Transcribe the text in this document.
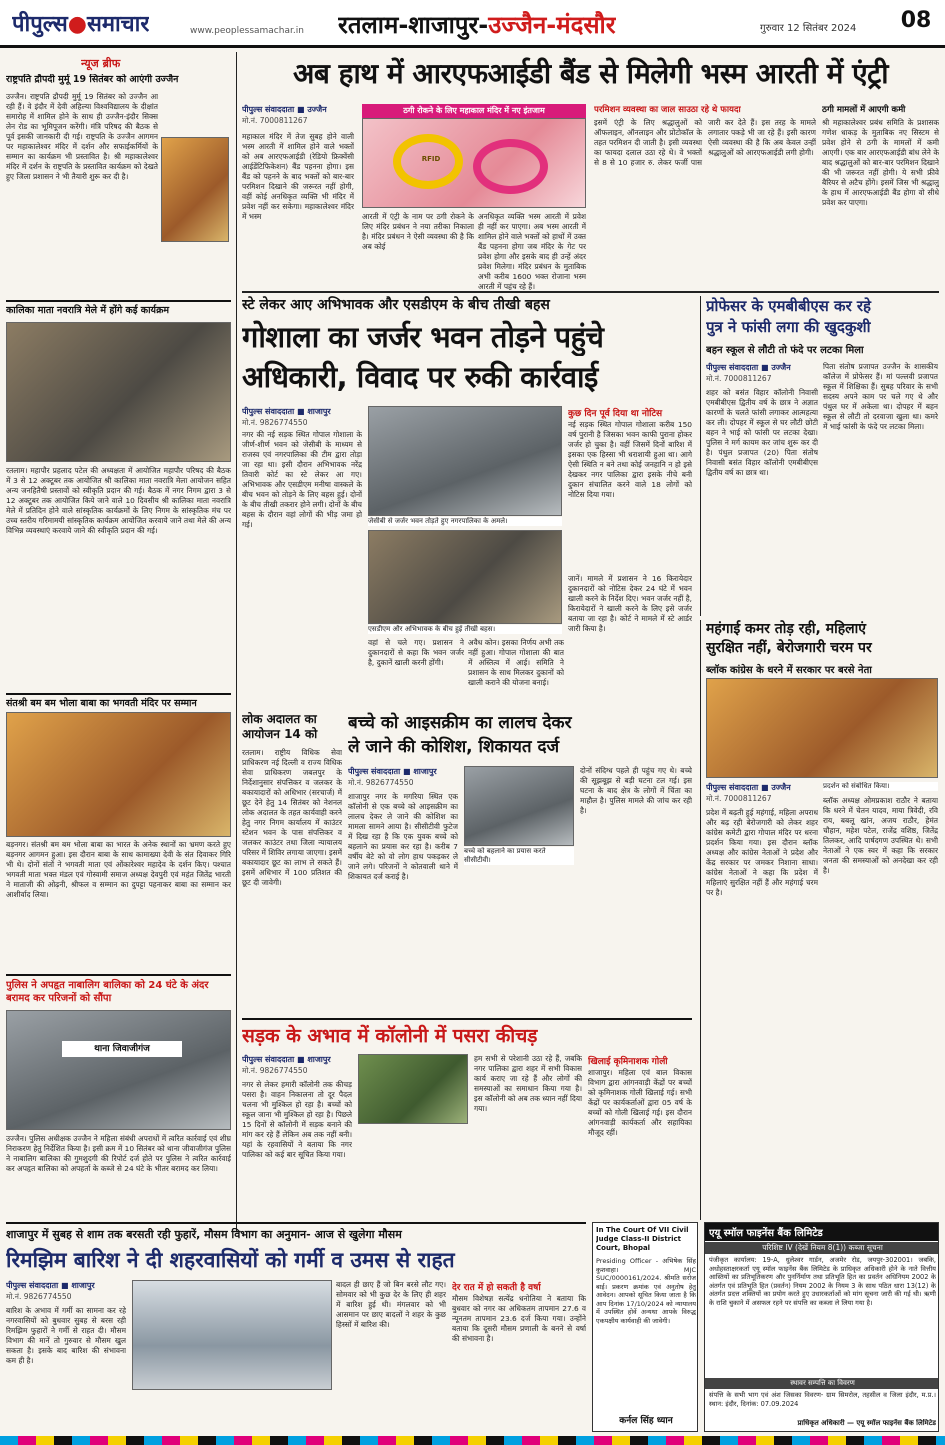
पीपुल्स●समाचार	www.peoplessamachar.in रतलाम-शाजापुर-उज्जैन-मंदसौर	गुरुवार 12 सितंबर 2024 08
न्यूज ब्रीफ
राष्ट्रपति द्रौपदी मुर्मू 19 सितंबर को आएंगी उज्जैन
उज्जैन। राष्ट्रपति द्रौपदी मुर्मू 19 सितंबर को उज्जैन आ रही हैं। वे इंदौर में देवी अहिल्या विश्वविद्यालय के दीक्षांत समारोह में शामिल होने के साथ ही उज्जैन-इंदौर सिक्स लेन रोड का भूमिपूजन करेंगी। मंत्रि परिषद की बैठक से पूर्व इसकी जानकारी दी गई। राष्ट्रपति के उज्जैन आगमन पर महाकालेश्वर मंदिर में दर्शन और सफाईकर्मियों के सम्मान का कार्यक्रम भी प्रस्तावित है। श्री महाकालेश्वर मंदिर में दर्शन के राष्ट्रपति के प्रस्तावित कार्यक्रम को देखते हुए जिला प्रशासन ने भी तैयारी शुरू कर दी है।
कालिका माता नवरात्रि मेले में होंगे कई कार्यक्रम
रतलाम। महापौर प्रहलाद पटेल की अध्यक्षता में आयोजित महापौर परिषद की बैठक में 3 से 12 अक्टूबर तक आयोजित श्री कालिका माता नवरात्रि मेला आयोजन सहित अन्य जनहितैषी प्रस्तावों को स्वीकृति प्रदान की गई। बैठक में नगर निगम द्वारा 3 से 12 अक्टूबर तक आयोजित किये जाने वाले 10 दिवसीय श्री कालिका माता नवरात्रि मेले में प्रतिदिन होने वाले सांस्कृतिक कार्यक्रमों के लिए निगम के सांस्कृतिक मंच पर उच्च स्तरीय गरिमामयी सांस्कृतिक कार्यक्रम आयोजित करवाये जाने तथा मेले की अन्य विभिन्न व्यवस्थाएं करवाये जाने की स्वीकृति प्रदान की गई।
संतश्री बम बम भोला बाबा का भगवती मंदिर पर सम्मान
बड़नगर। संतश्री बम बम भोला बाबा का भारत के अनेक स्थानों का भ्रमण करते हुए बड़नगर आगमन हुआ। इस दौरान बाबा के साथ कामाख्या देवी के संत दिवाकर गिरि भी थे। दोनों संतों ने भगवती माता एवं ओंकारेश्वर महादेव के दर्शन किए। पश्चात भगवती माता भक्त मंडल एवं गोस्वामी समाज अध्यक्ष देवपुरी एवं महंत जितेंद्र भारती ने माताजी की ओढ़नी, श्रीफल व सम्मान का दुपट्टा पहनाकर बाबा का सम्मान कर आशीर्वाद लिया।
पुलिस ने अपहृत नाबालिग बालिका को 24 घंटे के अंदर बरामद कर परिजनों को सौंपा
थाना जिवाजीगंज
उज्जैन। पुलिस अधीक्षक उज्जैन ने महिला संबंधी अपराधों में त्वरित कार्रवाई एवं शीघ्र निराकरण हेतु निर्देशित किया है। इसी क्रम में 10 सितंबर को थाना जीवाजीगंज पुलिस ने नाबालिग बालिका की गुमशुदगी की रिपोर्ट दर्ज होते पर पुलिस ने त्वरित कार्रवाई कर अपहृत बालिका को अपहर्ता के कब्जे से 24 घंटे के भीतर बरामद कर लिया।
अब हाथ में आरएफआईडी बैंड से मिलेगी भस्म आरती में एंट्री
पीपुल्स संवाददाता ■ उज्जैन
मो.नं. 7000811267
ठगी रोकने के लिए महाकाल मंदिर में नए इंतजाम
RFID
महाकाल मंदिर में तेज सुबह होने वाली भस्म आरती में शामिल होने वाले भक्तों को अब आरएफआईडी (रेडियो फ्रिक्वेंसी आईडेंटिफिकेशन) बैंड पहनना होगा। इस बैंड को पहनने के बाद भक्तों को बार-बार परमिशन दिखाने की जरूरत नहीं होगी, वहीं कोई अनधिकृत व्यक्ति भी मंदिर में प्रवेश नहीं कर सकेगा। महाकालेश्वर मंदिर में भस्म	अनधिकृत व्यक्ति भस्म आरती में प्रवेश ही नहीं कर पाएगा। अब भस्म आरती में शामिल होने वाले भक्तों को हाथों में उक्त बैंड पहनना होगा जब मंदिर के गेट पर प्रवेश होगा और इसके बाद ही उन्हें अंदर प्रवेश मिलेगा। मंदिर प्रबंधन के मुताबिक अभी करीब 1600 भक्त रोजाना भस्म आरती में पहुंच रहे हैं।
आरती में एंट्री के नाम पर ठगी रोकने के लिए मंदिर प्रबंधन ने नया तरीका निकाला है। मंदिर प्रबंधन ने ऐसी व्यवस्था की है कि अब कोई
परमिशन व्यवस्था का जाल साउठा रहे थे फायदा
इसमें एंट्री के लिए श्रद्धालुओं को ऑफलाइन, ऑनलाइन और प्रोटोकॉल के तहत परमिशन दी जाती है। इसी व्यवस्था का फायदा दलाल उठा रहे थे। वे भक्तों से 8 से 10 हजार रु. लेकर फर्जी पास जारी कर देते हैं। इस तरह के मामले लगातार पकड़े भी जा रहे हैं। इसी कारण ऐसी व्यवस्था की है कि अब केवल उन्हीं श्रद्धालुओं को आरएफआईडी लगी होगी।
ठगी मामलों में आएगी कमी
श्री महाकालेश्वर प्रबंध समिति के प्रशासक गणेश धाकड़ के मुताबिक नए सिस्टम से प्रवेश होने से ठगी के मामलों में कमी आएगी। एक बार आरएफआईडी बांध लेने के बाद श्रद्धालुओं को बार-बार परमिशन दिखाने की भी जरूरत नहीं होगी। ये सभी फ्रीवे बैरियर से अटैच होंगे। इसमें जिस भी श्रद्धालु के हाथ में आरएफआईडी बैंड होगा वो सीधे प्रवेश कर पाएगा।
स्टे लेकर आए अभिभावक और एसडीएम के बीच तीखी बहस
गोशाला का जर्जर भवन तोड़ने पहुंचे
अधिकारी, विवाद पर रुकी कार्रवाई
पीपुल्स संवाददाता ■ शाजापुर
मो.नं. 9826774550
नगर की नई सड़क स्थित गोपाल गोशाला के जीर्ण-शीर्ण भवन को जेसीबी के माध्यम से राजस्व एवं नगरपालिका की टीम द्वारा तोड़ा जा रहा था। इसी दौरान अभिभावक नरेंद्र तिवारी कोर्ट का स्टे लेकर आ गए। अभिभावक और एसडीएम मनीषा वास्कले के बीच भवन को तोड़ने के लिए बहस हुई। दोनों के बीच तीखी तकरार होने लगी। दोनों के बीच बहस के दौरान वहां लोगों की भीड़ जमा हो गई।	जेसीबी से जर्जर भवन तोड़ते हुए नगरपालिका के अमले।
एसडीएम और अभिभावक के बीच हुई तीखी बहस।
वहां से चले गए। प्रशासन ने दुकानदारों से कहा कि भवन जर्जर है, दुकानें खाली करनी होंगी।
अवैध कोन। इसका निर्णय अभी तक नहीं हुआ। गोपाल गोशाला की बात में अस्तित्व में आई। समिति ने प्रशासन के साथ मिलकर दुकानों को खाली कराने की योजना बनाई।
कुछ दिन पूर्व दिया था नोटिस
नई सड़क स्थित गोपाल गोशाला करीब 150 वर्ष पुरानी है जिसका भवन काफी पुराना होकर जर्जर हो चुका है। वहीं जिसमें दिनों बारिश में इसका एक हिस्सा भी धराशायी हुआ था। आगे ऐसी स्थिति न बने तथा कोई जनहानि न हो इसे देखकर नगर पालिका द्वारा इसके नीचे बनी दुकान संचालित करने वाले 18 लोगों को नोटिस दिया गया।
जानें। मामले में प्रशासन ने 16 किरायेदार दुकानदारों को नोटिस देकर 24 घंटे में भवन खाली करने के निर्देश दिए। भवन जर्जर नहीं है, किरायेदारों ने खाली करने के लिए इसे जर्जर बताया जा रहा है। कोर्ट ने मामले में स्टे आर्डर जारी किया है।
प्रोफेसर के एमबीबीएस कर रहे
पुत्र ने फांसी लगा की खुदकुशी
बहन स्कूल से लौटी तो फंदे पर लटका मिला
पीपुल्स संवाददाता ■ उज्जैन
मो.नं. 7000811267
शहर को बसंत विहार कॉलोनी निवासी एमबीबीएस द्वितीय वर्ष के छात्र ने अज्ञात कारणों के चलते फांसी लगाकर आत्महत्या कर ली। दोपहर में स्कूल से घर लौटी छोटी बहन ने भाई को फांसी पर लटका देखा। पुलिस ने मर्ग कायम कर जांच शुरू कर दी है। पंथुल प्रजापत (20) पिता संतोष निवासी बसंत विहार कॉलोनी एमबीबीएस द्वितीय वर्ष का छात्र था।
पिता संतोष प्रजापत उज्जैन के शासकीय कॉलेज में प्रोफेसर हैं। मां पल्लवी प्रजापत स्कूल में शिक्षिका हैं। सुबह परिवार के सभी सदस्य अपने काम पर चले गए थे और पंथुल घर में अकेला था। दोपहर में बहन स्कूल से लौटी तो दरवाजा खुला था। कमरे में भाई फांसी के फंदे पर लटका मिला।
महंगाई कमर तोड़ रही, महिलाएं
सुरक्षित नहीं, बेरोजगारी चरम पर
ब्लॉक कांग्रेस के धरने में सरकार पर बरसे नेता
पीपुल्स संवाददाता ■ उज्जैन
मो.नं. 7000811267
प्रदर्शन को संबोधित किया।
प्रदेश में बढ़ती हुई महंगाई, महिला अपराध और बढ़ रही बेरोजगारी को लेकर शहर कांग्रेस कमेटी द्वारा गोपाल मंदिर पर धरना प्रदर्शन किया गया। इस दौरान ब्लॉक अध्यक्ष और कांग्रेस नेताओं ने प्रदेश और केंद्र सरकार पर जमकर निशाना साधा। कांग्रेस नेताओं ने कहा कि प्रदेश में महिलाएं सुरक्षित नहीं हैं और महंगाई चरम पर है।
ब्लॉक अध्यक्ष ओमप्रकाश राठौर ने बताया कि धरने में चेतन यादव, माया त्रिवेदी, रवि राय, बबलू खांन, अजय राठौर, हेमंत चौहान, महेश पटेल, राजेंद्र वशिष्ठ, जितेंद्र तिलकर, आदि पार्षदगण उपस्थित थे। सभी नेताओं ने एक स्वर में कहा कि सरकार जनता की समस्याओं को अनदेखा कर रही है।
लोक अदालत का आयोजन 14 को
रतलाम। राष्ट्रीय विधिक सेवा प्राधिकरण नई दिल्ली व राज्य विधिक सेवा प्राधिकरण जबलपुर के निर्देशानुसार संपत्तिकर व जलकर के बकायादारों को अधिभार (सरचार्ज) में छूट देने हेतु 14 सितंबर को नेशनल लोक अदालत के तहत कार्यवाही करने हेतु नगर निगम कार्यालय में काउंटर स्टेशन भवन के पास संपत्तिकर व जलकर काउंटर तथा जिला न्यायालय परिसर में शिविर लगाया जाएगा। इसमें बकायादार छूट का लाभ ले सकते हैं। इसमें अधिभार में 100 प्रतिशत की छूट दी जावेगी।
बच्चे को आइसक्रीम का लालच देकर
ले जाने की कोशिश, शिकायत दर्ज
पीपुल्स संवाददाता ■ शाजापुर
मो.नं. 9826774550
शाजापुर नगर के मगरिया स्थित एक कॉलोनी से एक बच्चे को आइसक्रीम का लालच देकर ले जाने की कोशिश का मामला सामने आया है। सीसीटीवी फुटेज में दिख रहा है कि एक युवक बच्चे को बहलाने का प्रयास कर रहा है। करीब 7 वर्षीय बेटे को वो लोग हाथ पकड़कर ले जाने लगे। परिजनों ने कोतवाली थाने में शिकायत दर्ज कराई है।
बच्चे को बहलाने का प्रयास करते सीसीटीवी।
दोनों संदिग्ध पहले ही पहुंच गए थे। बच्चे की सूझबूझ से बड़ी घटना टल गई। इस घटना के बाद क्षेत्र के लोगों में चिंता का माहौल है। पुलिस मामले की जांच कर रही है।
सड़क के अभाव में कॉलोनी में पसरा कीचड़
पीपुल्स संवाददाता ■ शाजापुर
मो.नं. 9826774550
नगर से लेकर हमारी कॉलोनी तक कीचड़ पसरा है। वाहन निकालना तो दूर पैदल चलना भी मुश्किल हो रहा है। बच्चों को स्कूल जाना भी मुश्किल हो रहा है। पिछले 15 दिनों से कॉलोनी में सड़क बनाने की मांग कर रहे हैं लेकिन अब तक नहीं बनी। यहां के रहवासियों ने बताया कि नगर पालिका को कई बार सूचित किया गया।
हम सभी से परेशानी उठा रहे हैं, जबकि नगर पालिका द्वारा शहर में सभी विकास कार्य कराए जा रहे हैं और लोगों की समस्याओं का समाधान किया गया है। इस कॉलोनी को अब तक ध्यान नहीं दिया गया।
खिलाई कृमिनाशक गोली
शाजापुर। महिला एवं बाल विकास विभाग द्वारा आंगनवाड़ी केंद्रों पर बच्चों को कृमिनाशक गोली खिलाई गई। सभी केंद्रों पर कार्यकर्ताओं द्वारा 05 वर्ष के बच्चों को गोली खिलाई गई। इस दौरान आंगनवाड़ी कार्यकर्ता और सहायिका मौजूद रहीं।
शाजापुर में सुबह से शाम तक बरसती रही फुहारें, मौसम विभाग का अनुमान- आज से खुलेगा मौसम
रिमझिम बारिश ने दी शहरवासियों को गर्मी व उमस से राहत
पीपुल्स संवाददाता ■ शाजापुर
मो.नं. 9826774550
बारिश के अभाव में गर्मी का सामना कर रहे नगरवासियों को बुधवार सुबह से बरस रही रिमझिम फुहारों ने गर्मी से राहत दी। मौसम विभाग की मानें तो गुरुवार से मौसम खुल सकता है। इसके बाद बारिश की संभावना कम ही है।
बादल ही छाए हैं जो बिन बरसे लौट गए। सोमवार को भी कुछ देर के लिए ही शहर में बारिश हुई थी। मंगलवार को भी आसमान पर छाए बादलों ने शहर के कुछ हिस्सों में बारिश की।
देर रात में हो सकती है वर्षा
मौसम विशेषज्ञ सत्येंद्र धनोतिया ने बताया कि बुधवार को नगर का अधिकतम तापमान 27.6 व न्यूनतम तापमान 23.6 दर्ज किया गया। उन्होंने बताया कि दूसरी मौसम प्रणाली के बनने से वर्षा की संभावना है।
In The Court Of VII Civil Judge Class-II District Court, Bhopal
Presiding Officer - अभिषेक सिंह कुशवाहा। MJC SUC/0000161/2024. श्रीमति सरोज बाई। प्रकरण क्रमांक एवं अनुतोष हेतु आवेदन। आपको सूचित किया जाता है कि आप दिनांक 17/10/2024 को न्यायालय में उपस्थित होवें अन्यथा आपके विरुद्ध एकपक्षीय कार्यवाही की जावेगी।
कर्नल सिंह ध्यान
एयू स्मॉल फाइनेंस बैंक लिमिटेड
परिशिष्ट IV (देखें नियम 8(1)) कब्जा सूचना
पंजीकृत कार्यालय: 19-A, धुलेश्वर गार्डन, अजमेर रोड, जयपुर-302001। जबकि, अधोहस्ताक्षरकर्ता एयू स्मॉल फाइनेंस बैंक लिमिटेड के प्राधिकृत अधिकारी होने के नाते वित्तीय आस्तियों का प्रतिभूतिकरण और पुनर्निर्माण तथा प्रतिभूति हित का प्रवर्तन अधिनियम 2002 के अंतर्गत एवं प्रतिभूति हित (प्रवर्तन) नियम 2002 के नियम 3 के साथ पठित धारा 13(12) के अंतर्गत प्रदत्त शक्तियों का प्रयोग करते हुए उधारकर्ताओं को मांग सूचना जारी की गई थी। ऋणी के राशि चुकाने में असफल रहने पर संपत्ति का कब्जा ले लिया गया है।
स्थावर सम्पत्ति का विवरण
संपत्ति के सभी भाग एवं अंश जिसका विवरण- ग्राम सिमरोल, तहसील व जिला इंदौर, म.प्र.। स्थान: इंदौर, दिनांक: 07.09.2024
प्राधिकृत अधिकारी — एयू स्मॉल फाइनेंस बैंक लिमिटेड
